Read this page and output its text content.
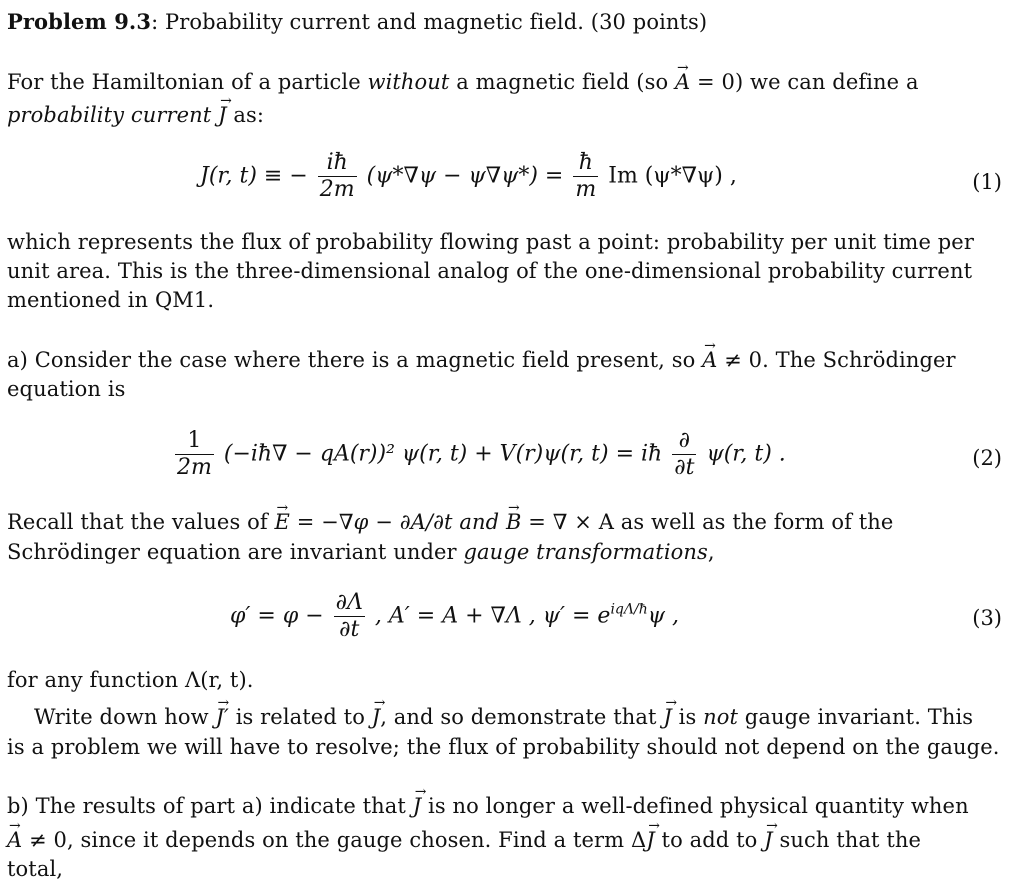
Problem 9.3: Probability current and magnetic field. (30 points)
For the Hamiltonian of a particle without a magnetic field (so → A = 0) we can define a
probability current → J as:
J(r, t) ≡ − $\frac{iħ}{2m} (\psi*\nabla\psi - \psi\nabla\psi*) = \frac{ħ}{m}$ Im (ψ*∇ψ) ,	(1)
which represents the flux of probability flowing past a point: probability per unit time per
unit area. This is the three-dimensional analog of the one-dimensional probability current
mentioned in QM1.
a) Consider the case where there is a magnetic field present, so → A ≠ 0. The Schrödinger
equation is
$\frac{1}{2m}$ (−iħ∇ − qA(r))² ψ(r, t) + V(r)ψ(r, t) = iħ $\frac{\partial}{\partial t} \psi(r$, t) .	(2)
Recall that the values of → E = −∇φ − ∂A/∂t and → B = ∇ × A as well as the form of the
Schrödinger equation are invariant under gauge transformations,
$\varphi' = \varphi - \frac{\partial\Lambda}{\partial t}$ , A′ = A + ∇Λ , $\psi' = e^{iq\Lambda/ħ}\psi$ ,	(3)
for any function Λ(r, t).
Write down how → J′ is related to → J, and so demonstrate that → J is not gauge invariant. This
is a problem we will have to resolve; the flux of probability should not depend on the gauge.
b) The results of part a) indicate that → J is no longer a well-defined physical quantity when
→ A ≠ 0, since it depends on the gauge chosen. Find a term Δ→ J to add to → J such that the
total,
